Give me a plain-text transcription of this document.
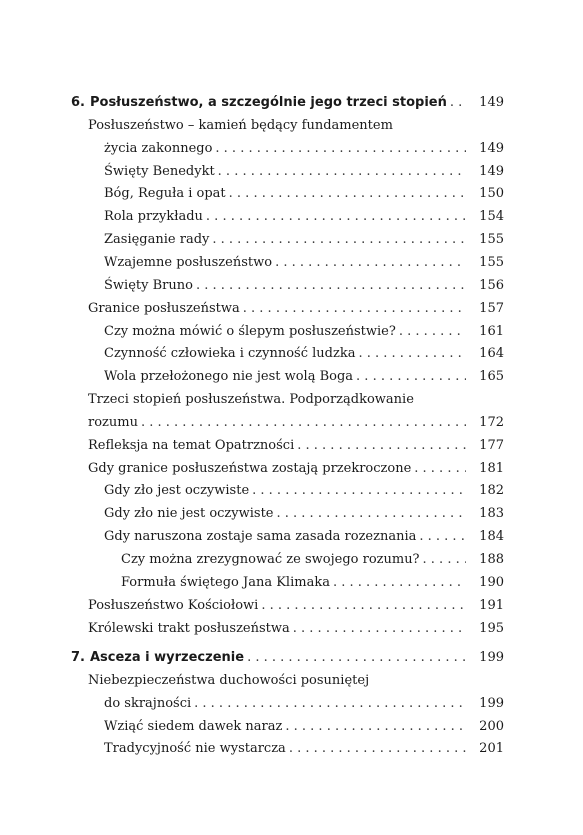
6. Posłuszeństwo, a szczególnie jego trzeci stopień . . .	149
Posłuszeństwo – kamień będący fundamentem
życia zakonnego . . .	149
Święty Benedykt . . .	149
Bóg, Reguła i opat . . .	150
Rola przykładu . . .	154
Zasięganie rady . . .	155
Wzajemne posłuszeństwo . . .	155
Święty Bruno . . .	156
Granice posłuszeństwa . . .	157
Czy można mówić o ślepym posłuszeństwie? . . .	161
Czynność człowieka i czynność ludzka . . .	164
Wola przełożonego nie jest wolą Boga . . .	165
Trzeci stopień posłuszeństwa. Podporządkowanie
rozumu . . .	172
Refleksja na temat Opatrzności . . .	177
Gdy granice posłuszeństwa zostają przekroczone . . .	181
Gdy zło jest oczywiste . . .	182
Gdy zło nie jest oczywiste . . .	183
Gdy naruszona zostaje sama zasada rozeznania . . .	184
Czy można zrezygnować ze swojego rozumu? . . .	188
Formuła świętego Jana Klimaka . . .	190
Posłuszeństwo Kościołowi . . .	191
Królewski trakt posłuszeństwa . . .	195
7. Asceza i wyrzeczenie . . .	199
Niebezpieczeństwa duchowości posuniętej
do skrajności . . .	199
Wziąć siedem dawek naraz . . .	200
Tradycyjność nie wystarcza . . .	201
